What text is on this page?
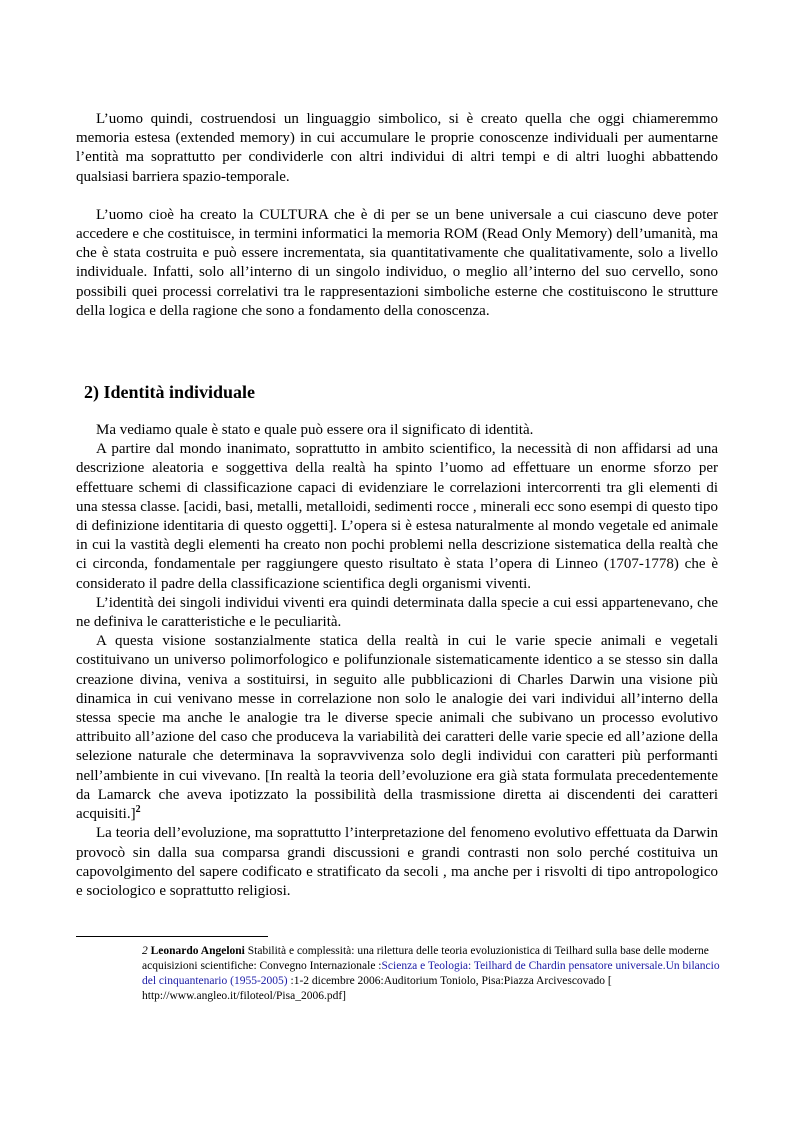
L’uomo quindi, costruendosi un linguaggio simbolico, si è creato quella che oggi chiameremmo memoria estesa (extended memory) in cui accumulare le proprie conoscenze individuali per aumentarne l’entità ma soprattutto per condividerle con altri individui di altri tempi e di altri luoghi abbattendo qualsiasi barriera spazio-temporale.

L’uomo cioè ha creato la CULTURA che è di per se un bene universale a cui ciascuno deve poter accedere e che costituisce, in termini informatici la memoria ROM (Read Only Memory) dell’umanità, ma che è stata costruita e può essere incrementata, sia quantitativamente che qualitativamente, solo a livello individuale. Infatti, solo all’interno di un singolo individuo, o meglio all’interno del suo cervello, sono possibili quei processi correlativi tra le rappresentazioni simboliche esterne che costituiscono le strutture della logica e della ragione che sono a fondamento della conoscenza.

2) Identità individuale

Ma vediamo quale è stato e quale può essere ora il significato di identità.

A partire dal mondo inanimato, soprattutto in ambito scientifico, la necessità di non affidarsi ad una descrizione aleatoria e soggettiva della realtà ha spinto l’uomo ad effettuare un enorme sforzo per effettuare schemi di classificazione capaci di evidenziare le correlazioni intercorrenti tra gli elementi di una stessa classe. [acidi, basi, metalli, metalloidi, sedimenti rocce , minerali ecc sono esempi di questo tipo di definizione identitaria di questo oggetti]. L’opera si è estesa naturalmente al mondo vegetale ed animale in cui la vastità degli elementi ha creato non pochi problemi nella descrizione sistematica della realtà che ci circonda, fondamentale per raggiungere questo risultato è stata l’opera di Linneo (1707-1778) che è considerato il padre della classificazione scientifica degli organismi viventi.

L’identità dei singoli individui viventi era quindi determinata dalla specie a cui essi appartenevano, che ne definiva le caratteristiche e le peculiarità.

A questa visione sostanzialmente statica della realtà in cui le varie specie animali e vegetali costituivano un universo polimorfologico e polifunzionale sistematicamente identico a se stesso sin dalla creazione divina, veniva a sostituirsi, in seguito alle pubblicazioni di Charles Darwin una visione più dinamica in cui venivano messe in correlazione non solo le analogie dei vari individui all’interno della stessa specie ma anche le analogie tra le diverse specie animali che subivano un processo evolutivo attribuito all’azione del caso che produceva la variabilità dei caratteri delle varie specie ed all’azione della selezione naturale che determinava la sopravvivenza solo degli individui con caratteri più performanti nell’ambiente in cui vivevano. [In realtà la teoria dell’evoluzione era già stata formulata precedentemente da Lamarck che aveva ipotizzato la possibilità della trasmissione diretta ai discendenti dei caratteri acquisiti.]$^2$

La teoria dell’evoluzione, ma soprattutto l’interpretazione del fenomeno evolutivo effettuata da Darwin provocò sin dalla sua comparsa grandi discussioni e grandi contrasti non solo perché costituiva un capovolgimento del sapere codificato e stratificato da secoli , ma anche per i risvolti di tipo antropologico e sociologico e soprattutto religiosi.

2 Leonardo Angeloni Stabilità e complessità: una rilettura delle teoria evoluzionistica di Teilhard sulla base delle moderne acquisizioni scientifiche: Convegno Internazionale :Scienza e Teologia: Teilhard de Chardin pensatore universale.Un bilancio del cinquantenario (1955-2005) :1-2 dicembre 2006:Auditorium Toniolo, Pisa:Piazza Arcivescovado [ http://www.angleo.it/filoteol/Pisa_2006.pdf]
